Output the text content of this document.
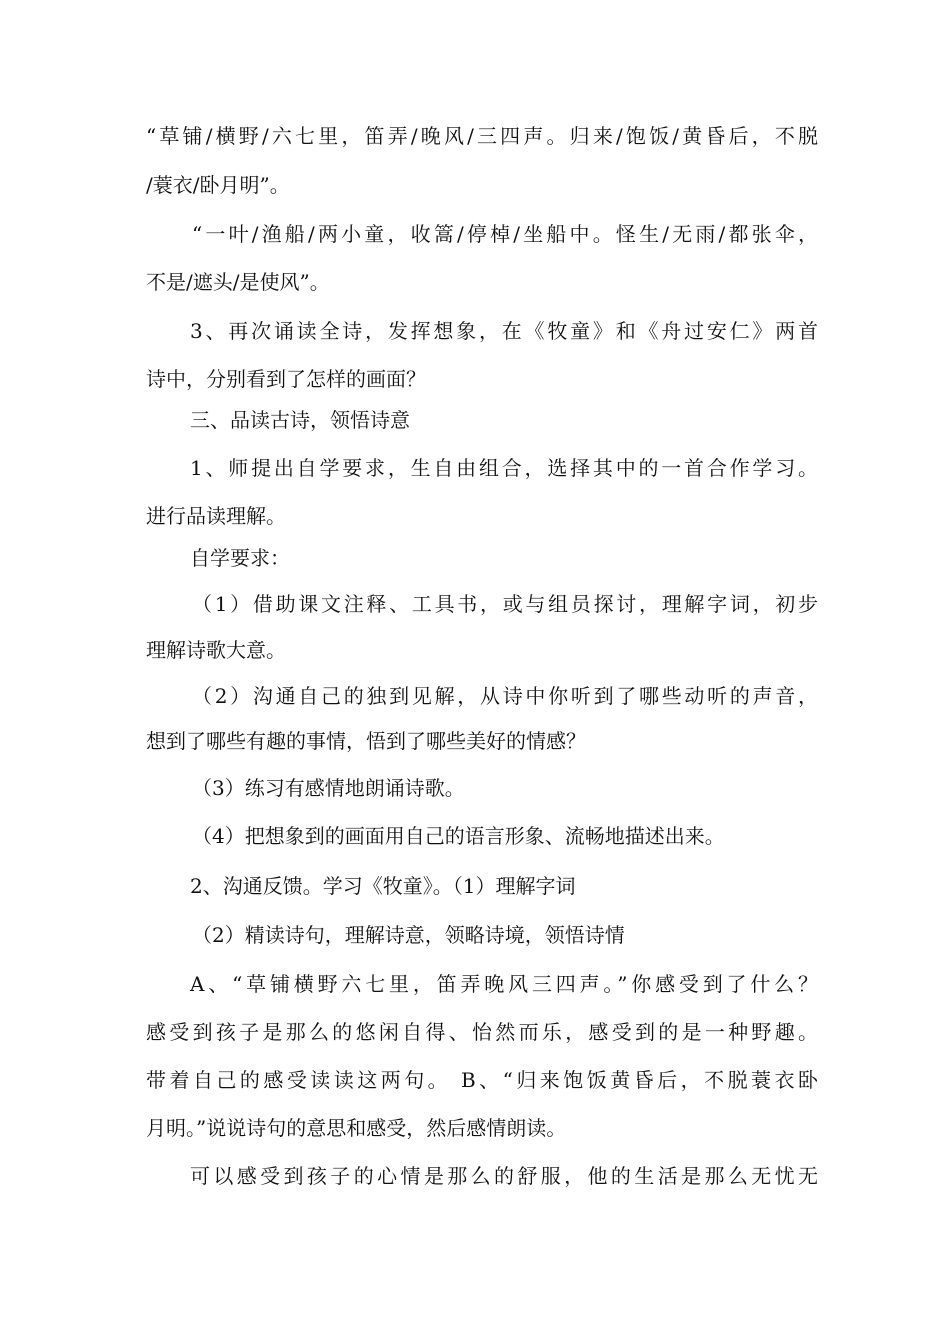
“草铺/横野/六七里，笛弄/晚风/三四声。归来/饱饭/黄昏后，不脱
/蓑衣/卧月明”。
“一叶/渔船/两小童，收篙/停棹/坐船中。怪生/无雨/都张伞，
不是/遮头/是使风”。
3、再次诵读全诗，发挥想象，在《牧童》和《舟过安仁》两首
诗中，分别看到了怎样的画面？
三、品读古诗，领悟诗意
1、师提出自学要求，生自由组合，选择其中的一首合作学习。
进行品读理解。
自学要求：
（1）借助课文注释、工具书，或与组员探讨，理解字词，初步
理解诗歌大意。
（2）沟通自己的独到见解，从诗中你听到了哪些动听的声音，
想到了哪些有趣的事情，悟到了哪些美好的情感？
（3）练习有感情地朗诵诗歌。
（4）把想象到的画面用自己的语言形象、流畅地描述出来。
2、沟通反馈。学习《牧童》。（1）理解字词
（2）精读诗句，理解诗意，领略诗境，领悟诗情
A、“草铺横野六七里，笛弄晚风三四声。”你感受到了什么？
感受到孩子是那么的悠闲自得、怡然而乐，感受到的是一种野趣。
带着自己的感受读读这两句。 B、“归来饱饭黄昏后，不脱蓑衣卧
月明。”说说诗句的意思和感受，然后感情朗读。
可以感受到孩子的心情是那么的舒服，他的生活是那么无忧无
